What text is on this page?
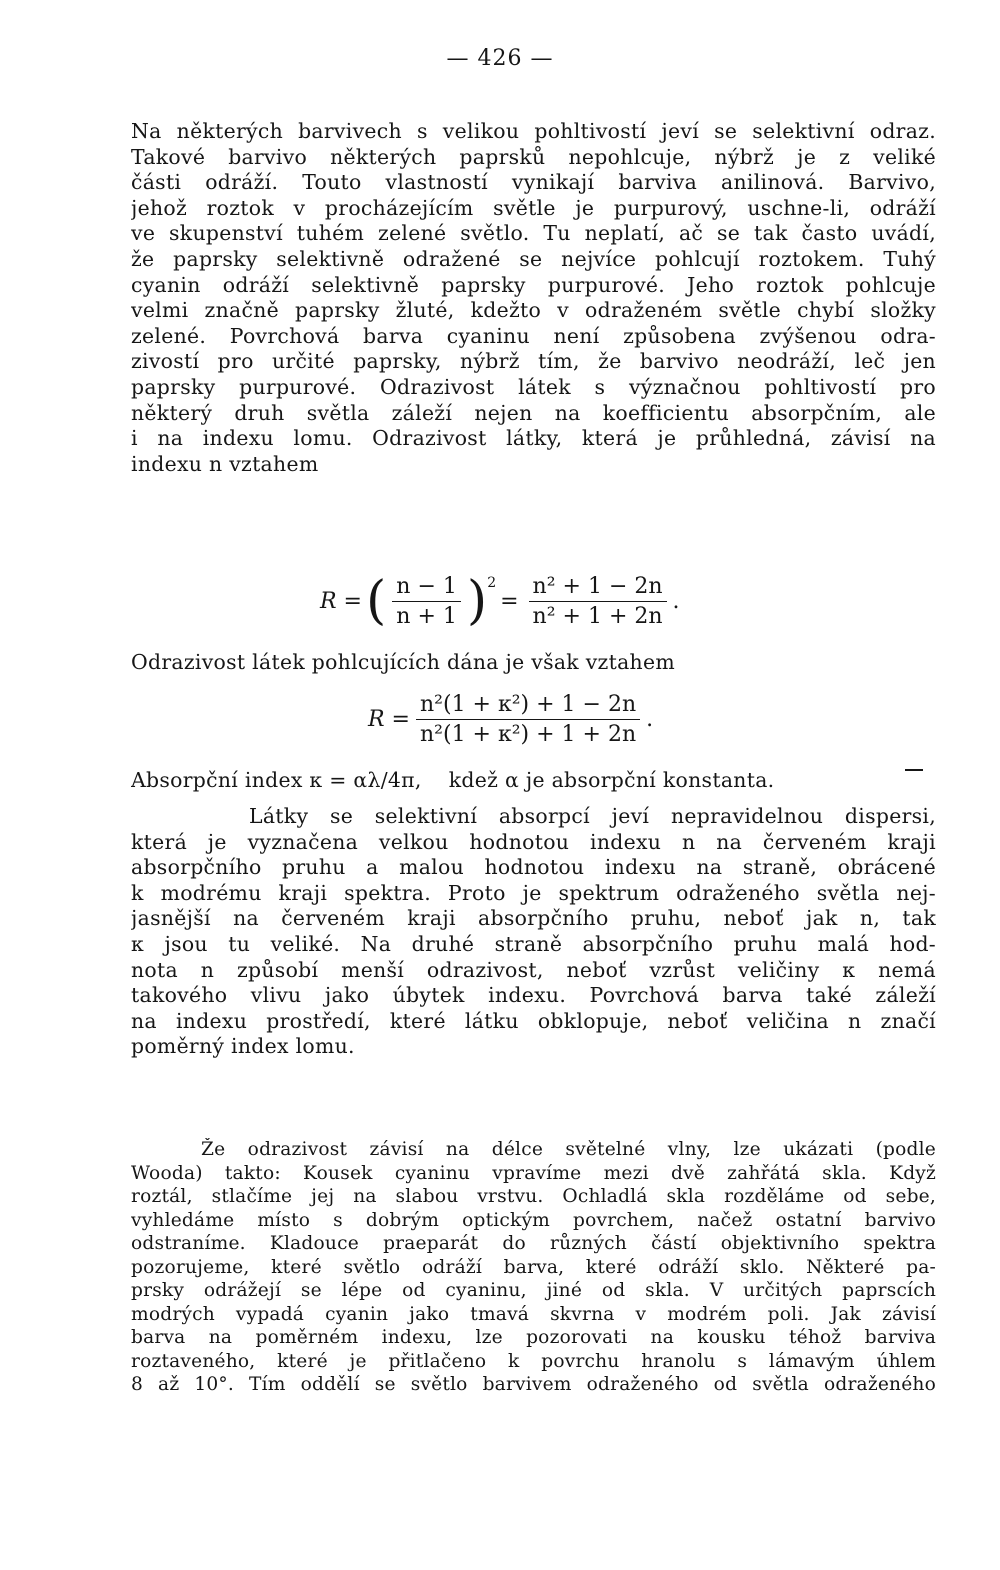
— 426 —
Na některých barvivech s velikou pohltivostí jeví se selektivní odraz.
Takové barvivo některých paprsků nepohlcuje, nýbrž je z veliké
části odráží. Touto vlastností vynikají barviva anilinová. Barvivo,
jehož roztok v procházejícím světle je purpurový, uschne-li, odráží
ve skupenství tuhém zelené světlo. Tu neplatí, ač se tak často uvádí,
že paprsky selektivně odražené se nejvíce pohlcují roztokem. Tuhý
cyanin odráží selektivně paprsky purpurové. Jeho roztok pohlcuje
velmi značně paprsky žluté, kdežto v odraženém světle chybí složky
zelené. Povrchová barva cyaninu není způsobena zvýšenou odra-
zivostí pro určité paprsky, nýbrž tím, že barvivo neodráží, leč jen
paprsky purpurové. Odrazivost látek s význačnou pohltivostí pro
některý druh světla záleží nejen na koefficientu absorpčním, ale
i na indexu lomu. Odrazivost látky, která je průhledná, závisí na
indexu n vztahem
R = ( $\frac{n - 1}{n + 1}$ ) 2
= $\frac{\text{n² + 1 − 2n}}{\text{n² + 1 + 2n}}$ .
Odrazivost látek pohlcujících dána je však vztahem
$R = \frac{\text{n²(1 + κ²) + 1 − 2n}}{\text{n²(1 + κ²) + 1 + 2n}}$ .
Absorpční index κ = αλ/4π,    kdež α je absorpční konstanta.
Látky se selektivní absorpcí jeví nepravidelnou dispersi,
která je vyznačena velkou hodnotou indexu n na červeném kraji
absorpčního pruhu a malou hodnotou indexu na straně, obrácené
k modrému kraji spektra. Proto je spektrum odraženého světla nej-
jasnější na červeném kraji absorpčního pruhu, neboť jak n, tak
κ jsou tu veliké. Na druhé straně absorpčního pruhu malá hod-
nota n způsobí menší odrazivost, neboť vzrůst veličiny κ nemá
takového vlivu jako úbytek indexu. Povrchová barva také záleží
na indexu prostředí, které látku obklopuje, neboť veličina n značí
poměrný index lomu.
Že odrazivost závisí na délce světelné vlny, lze ukázati (podle
Wooda) takto: Kousek cyaninu vpravíme mezi dvě zahřátá skla. Když
roztál, stlačíme jej na slabou vrstvu. Ochladlá skla rozděláme od sebe,
vyhledáme místo s dobrým optickým povrchem, načež ostatní barvivo
odstraníme. Kladouce praeparát do různých částí objektivního spektra
pozorujeme, které světlo odráží barva, které odráží sklo. Některé pa-
prsky odrážejí se lépe od cyaninu, jiné od skla. V určitých paprscích
modrých vypadá cyanin jako tmavá skvrna v modrém poli. Jak závisí
barva na poměrném indexu, lze pozorovati na kousku téhož barviva
roztaveného, které je přitlačeno k povrchu hranolu s lámavým úhlem
8 až 10°. Tím oddělí se světlo barvivem odraženého od světla odraženého
